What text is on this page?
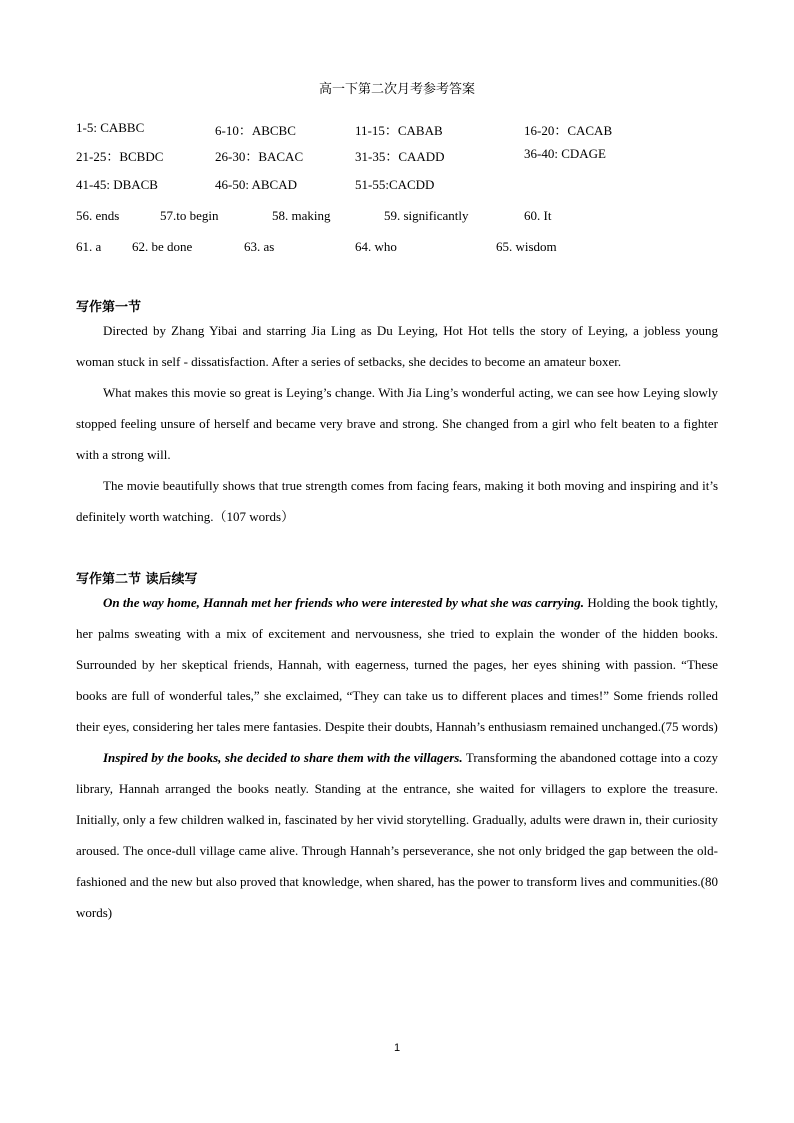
高一下第二次月考参考答案
1-5: CABBC	6-10：ABCBC	11-15：CABAB	16-20：CACAB
21-25：BCBDC	26-30：BACAC	31-35：CAADD	36-40: CDAGE
41-45: DBACB	46-50: ABCAD	51-55:CACDD
56. ends	57.to begin	58. making	59. significantly	60. It
61. a 62. be done	63. as	64. who	65. wisdom
写作第一节

Directed by Zhang Yibai and starring Jia Ling as Du Leying, Hot Hot tells the story of Leying, a jobless young woman stuck in self - dissatisfaction. After a series of setbacks, she decides to become an amateur boxer.

What makes this movie so great is Leying’s change. With Jia Ling’s wonderful acting, we can see how Leying slowly stopped feeling unsure of herself and became very brave and strong. She changed from a girl who felt beaten to a fighter with a strong will.

The movie beautifully shows that true strength comes from facing fears, making it both moving and inspiring and it’s definitely worth watching.（107 words）

写作第二节 读后续写

On the way home, Hannah met her friends who were interested by what she was carrying. Holding the book tightly, her palms sweating with a mix of excitement and nervousness, she tried to explain the wonder of the hidden books. Surrounded by her skeptical friends, Hannah, with eagerness, turned the pages, her eyes shining with passion. “These books are full of wonderful tales,” she exclaimed, “They can take us to different places and times!” Some friends rolled their eyes, considering her tales mere fantasies. Despite their doubts, Hannah’s enthusiasm remained unchanged.(75 words)

Inspired by the books, she decided to share them with the villagers. Transforming the abandoned cottage into a cozy library, Hannah arranged the books neatly. Standing at the entrance, she waited for villagers to explore the treasure. Initially, only a few children walked in, fascinated by her vivid storytelling. Gradually, adults were drawn in, their curiosity aroused. The once-dull village came alive. Through Hannah’s perseverance, she not only bridged the gap between the old-fashioned and the new but also proved that knowledge, when shared, has the power to transform lives and communities.(80 words)

1
